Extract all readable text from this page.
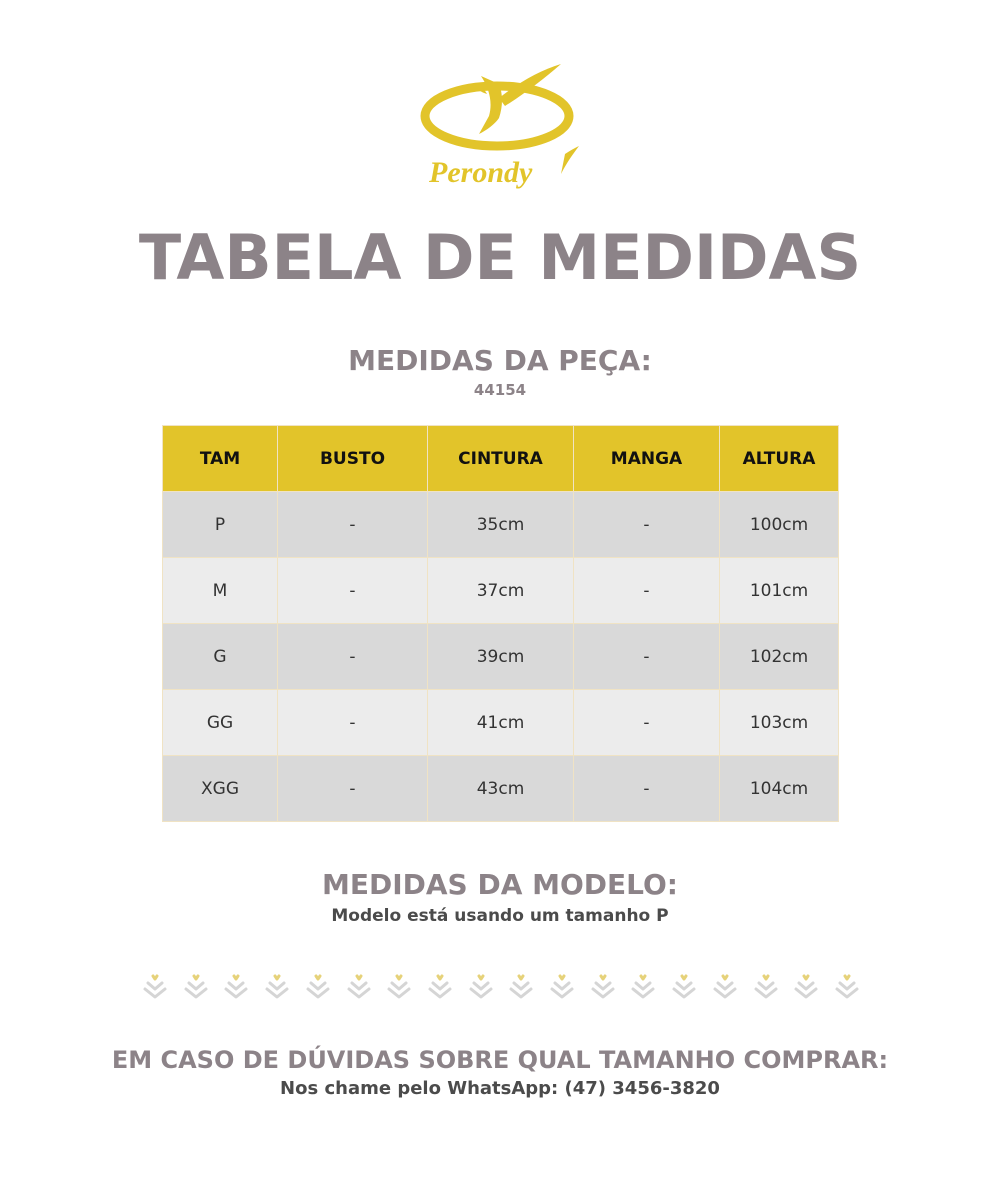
Perondy
TABELA DE MEDIDAS
MEDIDAS DA PEÇA:
44154
TAM	BUSTO	CINTURA	MANGA	ALTURA
P	-	35cm	-	100cm
M	-	37cm	-	101cm
G	-	39cm	-	102cm
GG	-	41cm	-	103cm
XGG	-	43cm	-	104cm
MEDIDAS DA MODELO:
Modelo está usando um tamanho P
EM CASO DE DÚVIDAS SOBRE QUAL TAMANHO COMPRAR:
Nos chame pelo WhatsApp: (47) 3456-3820
